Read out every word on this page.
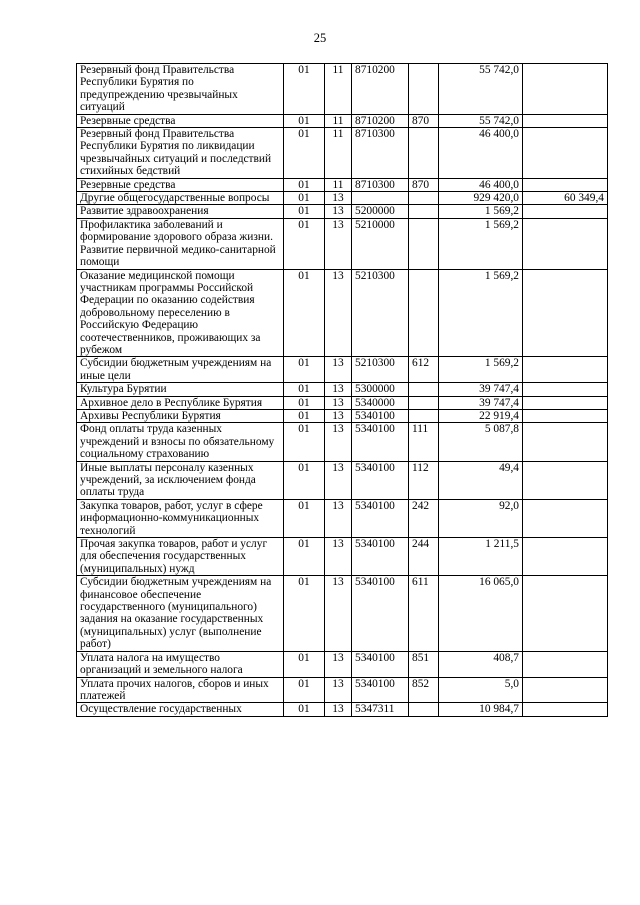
25
Резервный фонд Правительства Республики Бурятия по предупреждению чрезвычайных ситуаций	01	11	8710200		55 742,0	
Резервные средства	01	11	8710200	870	55 742,0	
Резервный фонд Правительства Республики Бурятия по ликвидации чрезвычайных ситуаций и последствий стихийных бедствий	01	11	8710300		46 400,0	
Резервные средства	01	11	8710300	870	46 400,0	
Другие общегосударственные вопросы	01	13			929 420,0	60 349,4
Развитие здравоохранения	01	13	5200000		1 569,2	
Профилактика заболеваний и формирование здорового образа жизни. Развитие первичной медико-санитарной помощи	01	13	5210000		1 569,2	
Оказание медицинской помощи участникам программы Российской Федерации по оказанию содействия добровольному переселению в Российскую Федерацию соотечественников, проживающих за рубежом	01	13	5210300		1 569,2	
Субсидии бюджетным учреждениям на иные цели	01	13	5210300	612	1 569,2	
Культура Бурятии	01	13	5300000		39 747,4	
Архивное дело в Республике Бурятия	01	13	5340000		39 747,4	
Архивы Республики Бурятия	01	13	5340100		22 919,4	
Фонд оплаты труда казенных учреждений и взносы по обязательному социальному страхованию	01	13	5340100	111	5 087,8	
Иные выплаты персоналу казенных учреждений, за исключением фонда оплаты труда	01	13	5340100	112	49,4	
Закупка товаров, работ, услуг в сфере информационно-коммуникационных технологий	01	13	5340100	242	92,0	
Прочая закупка товаров, работ и услуг для обеспечения государственных (муниципальных) нужд	01	13	5340100	244	1 211,5	
Субсидии бюджетным учреждениям на финансовое обеспечение государственного (муниципального) задания на оказание государственных (муниципальных) услуг (выполнение работ)	01	13	5340100	611	16 065,0	
Уплата налога на имущество организаций и земельного налога	01	13	5340100	851	408,7	
Уплата прочих налогов, сборов и иных платежей	01	13	5340100	852	5,0	
Осуществление государственных	01	13	5347311		10 984,7	
